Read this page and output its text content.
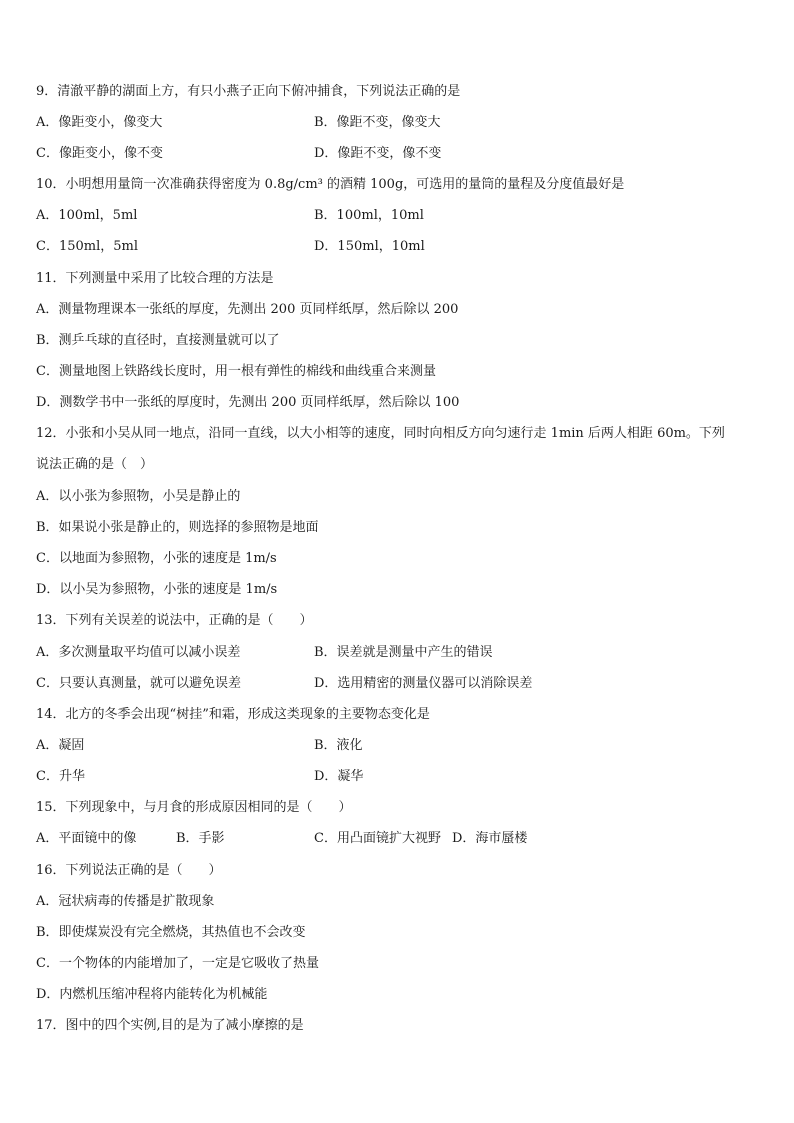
9．清澈平静的湖面上方，有只小燕子正向下俯冲捕食，下列说法正确的是
A．像距变小，像变大	B．像距不变，像变大
C．像距变小，像不变	D．像距不变，像不变
10．小明想用量筒一次准确获得密度为 0.8g/cm³ 的酒精 100g，可选用的量筒的量程及分度值最好是
A．100ml，5ml	B．100ml，10ml
C．150ml，5ml	D．150ml，10ml
11．下列测量中采用了比较合理的方法是
A．测量物理课本一张纸的厚度，先测出 200 页同样纸厚，然后除以 200
B．测乒乓球的直径时，直接测量就可以了
C．测量地图上铁路线长度时，用一根有弹性的棉线和曲线重合来测量
D．测数学书中一张纸的厚度时，先测出 200 页同样纸厚，然后除以 100
12．小张和小吴从同一地点，沿同一直线，以大小相等的速度，同时向相反方向匀速行走 1min 后两人相距 60m。下列
说法正确的是（　）
A．以小张为参照物，小吴是静止的
B．如果说小张是静止的，则选择的参照物是地面
C．以地面为参照物，小张的速度是 1m/s
D．以小吴为参照物，小张的速度是 1m/s
13．下列有关误差的说法中，正确的是（　　）
A．多次测量取平均值可以减小误差	B．误差就是测量中产生的错误
C．只要认真测量，就可以避免误差	D．选用精密的测量仪器可以消除误差
14．北方的冬季会出现“树挂”和霜，形成这类现象的主要物态变化是
A．凝固	B．液化
C．升华	D．凝华
15．下列现象中，与月食的形成原因相同的是（　　）
A．平面镜中的像	B．手影	C．用凸面镜扩大视野 D．海市蜃楼
16．下列说法正确的是（　　）
A．冠状病毒的传播是扩散现象
B．即使煤炭没有完全燃烧，其热值也不会改变
C．一个物体的内能增加了，一定是它吸收了热量
D．内燃机压缩冲程将内能转化为机械能
17．图中的四个实例,目的是为了减小摩擦的是
